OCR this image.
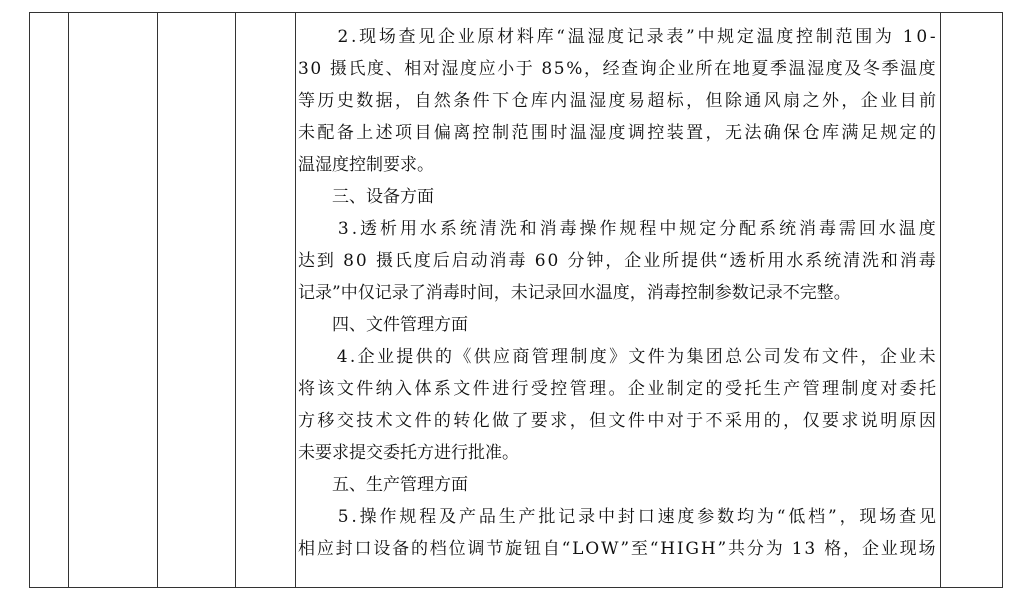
2 . 现 场 查 见 企 业 原 材 料 库 “ 温 湿 度 记 录 表 ” 中 规 定 温 度 控 制 范 围 为
1 0 -
3 0
摄 氏 度 、 相 对 湿 度 应 小 于
8 5 % ， 经 查 询 企 业 所 在 地 夏 季 温 湿 度 及 冬 季 温 度
等 历 史 数 据 ， 自 然 条 件 下 仓 库 内 温 湿 度 易 超 标 ， 但 除 通 风 扇 之 外 ， 企 业 目 前
未 配 备 上 述 项 目 偏 离 控 制 范 围 时 温 湿 度 调 控 装 置 ， 无 法 确 保 仓 库 满 足 规 定 的
温湿度控制要求。
　　三、设备方面

3 . 透 析 用 水 系 统 清 洗 和 消 毒 操 作 规 程 中 规 定 分 配 系 统 消 毒 需 回 水 温 度
达 到
8 0
摄 氏 度 后 启 动 消 毒
6 0
分 钟 ， 企 业 所 提 供 “ 透 析 用 水 系 统 清 洗 和 消 毒
记录”中仅记录了消毒时间，未记录回水温度，消毒控制参数记录不完整。
　　四、文件管理方面

4 . 企 业 提 供 的 《 供 应 商 管 理 制 度 》 文 件 为 集 团 总 公 司 发 布 文 件 ， 企 业 未
将 该 文 件 纳 入 体 系 文 件 进 行 受 控 管 理 。 企 业 制 定 的 受 托 生 产 管 理 制 度 对 委 托
方 移 交 技 术 文 件 的 转 化 做 了 要 求 ， 但 文 件 中 对 于 不 采 用 的 ， 仅 要 求 说 明 原 因
未要求提交委托方进行批准。
　　五、生产管理方面

5 . 操 作 规 程 及 产 品 生 产 批 记 录 中 封 口 速 度 参 数 均 为 “ 低 档 ” ， 现 场 查 见
相 应 封 口 设 备 的 档 位 调 节 旋 钮 自 “ L O W ” 至 “ H I G H ” 共 分 为
1 3
格 ， 企 业 现 场
